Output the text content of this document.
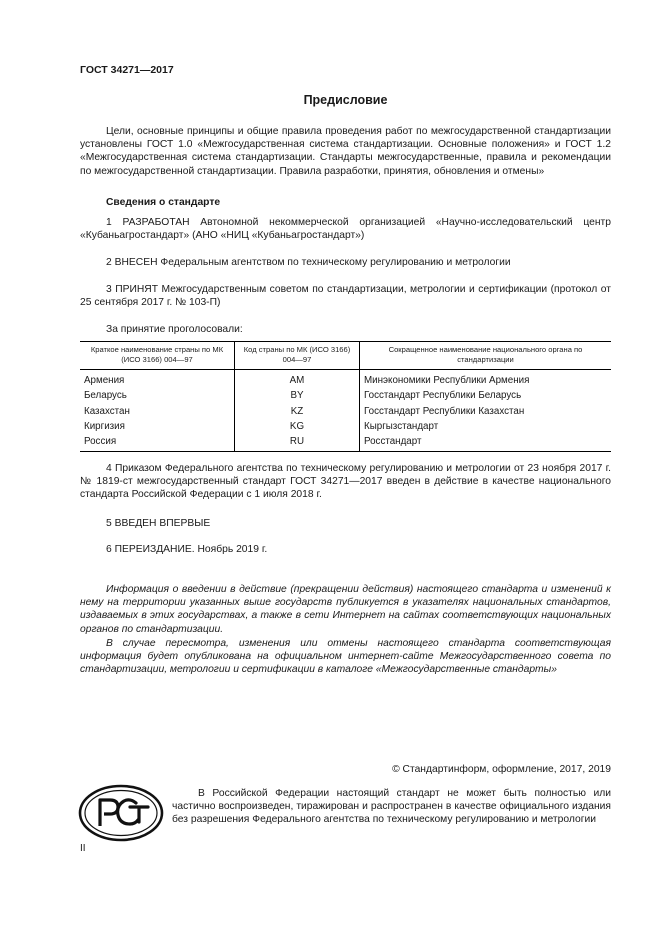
ГОСТ 34271—2017
Предисловие

Цели, основные принципы и общие правила проведения работ по межгосударственной стандартизации установлены ГОСТ 1.0 «Межгосударственная система стандартизации. Основные положения» и ГОСТ 1.2 «Межгосударственная система стандартизации. Стандарты межгосударственные, правила и рекомендации по межгосударственной стандартизации. Правила разработки, принятия, обновления и отмены»

Сведения о стандарте

1 РАЗРАБОТАН Автономной некоммерческой организацией «Научно-исследовательский центр «Кубаньагростандарт» (АНО «НИЦ «Кубаньагростандарт»)

2 ВНЕСЕН Федеральным агентством по техническому регулированию и метрологии

3 ПРИНЯТ Межгосударственным советом по стандартизации, метрологии и сертификации (протокол от 25 сентября 2017 г. № 103-П)

За принятие проголосовали:

Краткое наименование страны по МК (ИСО 3166) 004—97	Код страны по МК (ИСО 3166) 004—97	Сокращенное наименование национального органа по стандартизации
Армения	AM	Минэкономики Республики Армения
Беларусь	BY	Госстандарт Республики Беларусь
Казахстан	KZ	Госстандарт Республики Казахстан
Киргизия	KG	Кыргызстандарт
Россия	RU	Росстандарт

4 Приказом Федерального агентства по техническому регулированию и метрологии от 23 ноября 2017 г. № 1819-ст межгосударственный стандарт ГОСТ 34271—2017 введен в действие в качестве национального стандарта Российской Федерации с 1 июля 2018 г.

5 ВВЕДЕН ВПЕРВЫЕ

6 ПЕРЕИЗДАНИЕ. Ноябрь 2019 г.

Информация о введении в действие (прекращении действия) настоящего стандарта и изменений к нему на территории указанных выше государств публикуется в указателях национальных стандартов, издаваемых в этих государствах, а также в сети Интернет на сайтах соответствующих национальных органов по стандартизации.

В случае пересмотра, изменения или отмены настоящего стандарта соответствующая информация будет опубликована на официальном интернет-сайте Межгосударственного совета по стандартизации, метрологии и сертификации в каталоге «Межгосударственные стандарты»

© Стандартинформ, оформление, 2017, 2019

В Российской Федерации настоящий стандарт не может быть полностью или частично воспроизведен, тиражирован и распространен в качестве официального издания без разрешения Федерального агентства по техническому регулированию и метрологии

II
